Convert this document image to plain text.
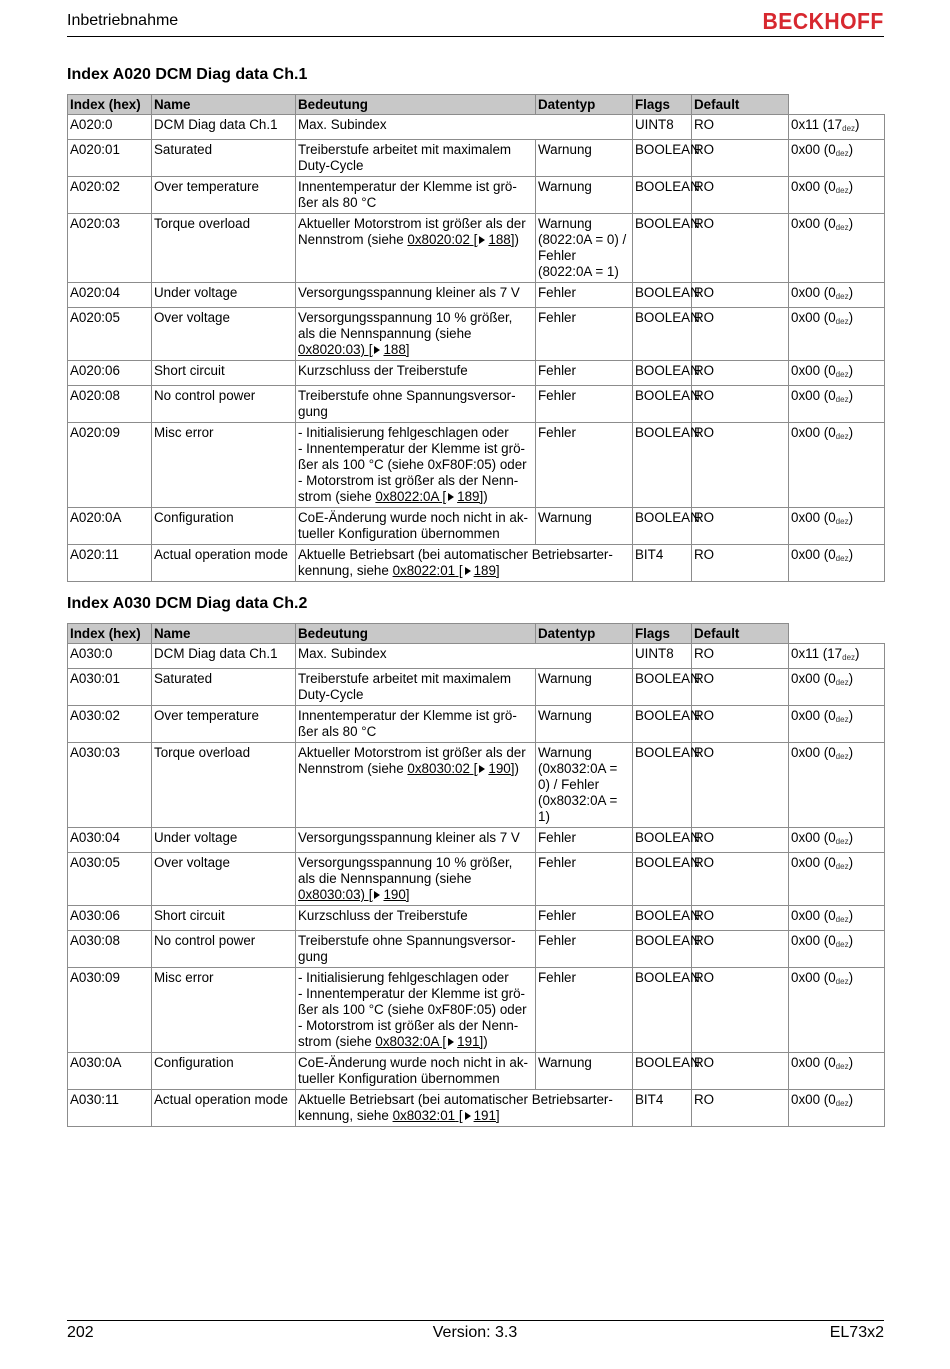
Inbetriebnahme	BECKHOFF
Index A020 DCM Diag data Ch.1
Index (hex)	Name	Bedeutung	Datentyp	Flags	Default	
A020:0	DCM Diag data Ch.1	Max. Subindex		UINT8	RO	0x11 $(17_{dez})$
A020:01	Saturated	Treiberstufe arbeitet mit maximalem
Duty-Cycle	Warnung	BOOLEAN	RO	0x00 $(0_{dez})$
A020:02	Over temperature	Innentemperatur der Klemme ist grö-
ßer als 80 °C	Warnung	BOOLEAN	RO	0x00 $(0_{dez})$
A020:03	Torque overload	Aktueller Motorstrom ist größer als der
Nennstrom (siehe 0x8020:02 [ 188])	Warnung
(8022:0A = 0) /
Fehler
(8022:0A = 1)	BOOLEAN	RO	0x00 $(0_{dez})$
A020:04	Under voltage	Versorgungsspannung kleiner als 7 V	Fehler	BOOLEAN	RO	0x00 $(0_{dez})$
A020:05	Over voltage	Versorgungsspannung 10 % größer,
als die Nennspannung (siehe
0x8020:03) [ 188]	Fehler	BOOLEAN	RO	0x00 $(0_{dez})$
A020:06	Short circuit	Kurzschluss der Treiberstufe	Fehler	BOOLEAN	RO	0x00 $(0_{dez})$
A020:08	No control power	Treiberstufe ohne Spannungsversor-
gung	Fehler	BOOLEAN	RO	0x00 $(0_{dez})$
A020:09	Misc error	- Initialisierung fehlgeschlagen oder
- Innentemperatur der Klemme ist grö-
ßer als 100 °C (siehe 0xF80F:05) oder
- Motorstrom ist größer als der Nenn-
strom (siehe 0x8022:0A [ 189])	Fehler	BOOLEAN	RO	0x00 $(0_{dez})$
A020:0A	Configuration	CoE-Änderung wurde noch nicht in ak-
tueller Konfiguration übernommen	Warnung	BOOLEAN	RO	0x00 $(0_{dez})$
A020:11	Actual operation mode	Aktuelle Betriebsart (bei automatischer Betriebsarter-
kennung, siehe 0x8022:01 [ 189]		BIT4	RO	0x00 $(0_{dez})$
Index A030 DCM Diag data Ch.2
Index (hex)	Name	Bedeutung	Datentyp	Flags	Default	
A030:0	DCM Diag data Ch.1	Max. Subindex		UINT8	RO	0x11 $(17_{dez})$
A030:01	Saturated	Treiberstufe arbeitet mit maximalem
Duty-Cycle	Warnung	BOOLEAN	RO	0x00 $(0_{dez})$
A030:02	Over temperature	Innentemperatur der Klemme ist grö-
ßer als 80 °C	Warnung	BOOLEAN	RO	0x00 $(0_{dez})$
A030:03	Torque overload	Aktueller Motorstrom ist größer als der
Nennstrom (siehe 0x8030:02 [ 190])	Warnung
(0x8032:0A =
0) / Fehler
(0x8032:0A =
1)	BOOLEAN	RO	0x00 $(0_{dez})$
A030:04	Under voltage	Versorgungsspannung kleiner als 7 V	Fehler	BOOLEAN	RO	0x00 $(0_{dez})$
A030:05	Over voltage	Versorgungsspannung 10 % größer,
als die Nennspannung (siehe
0x8030:03) [ 190]	Fehler	BOOLEAN	RO	0x00 $(0_{dez})$
A030:06	Short circuit	Kurzschluss der Treiberstufe	Fehler	BOOLEAN	RO	0x00 $(0_{dez})$
A030:08	No control power	Treiberstufe ohne Spannungsversor-
gung	Fehler	BOOLEAN	RO	0x00 $(0_{dez})$
A030:09	Misc error	- Initialisierung fehlgeschlagen oder
- Innentemperatur der Klemme ist grö-
ßer als 100 °C (siehe 0xF80F:05) oder
- Motorstrom ist größer als der Nenn-
strom (siehe 0x8032:0A [ 191])	Fehler	BOOLEAN	RO	0x00 $(0_{dez})$
A030:0A	Configuration	CoE-Änderung wurde noch nicht in ak-
tueller Konfiguration übernommen	Warnung	BOOLEAN	RO	0x00 $(0_{dez})$
A030:11	Actual operation mode	Aktuelle Betriebsart (bei automatischer Betriebsarter-
kennung, siehe 0x8032:01 [ 191]		BIT4	RO	0x00 $(0_{dez})$
202	Version: 3.3	EL73x2
